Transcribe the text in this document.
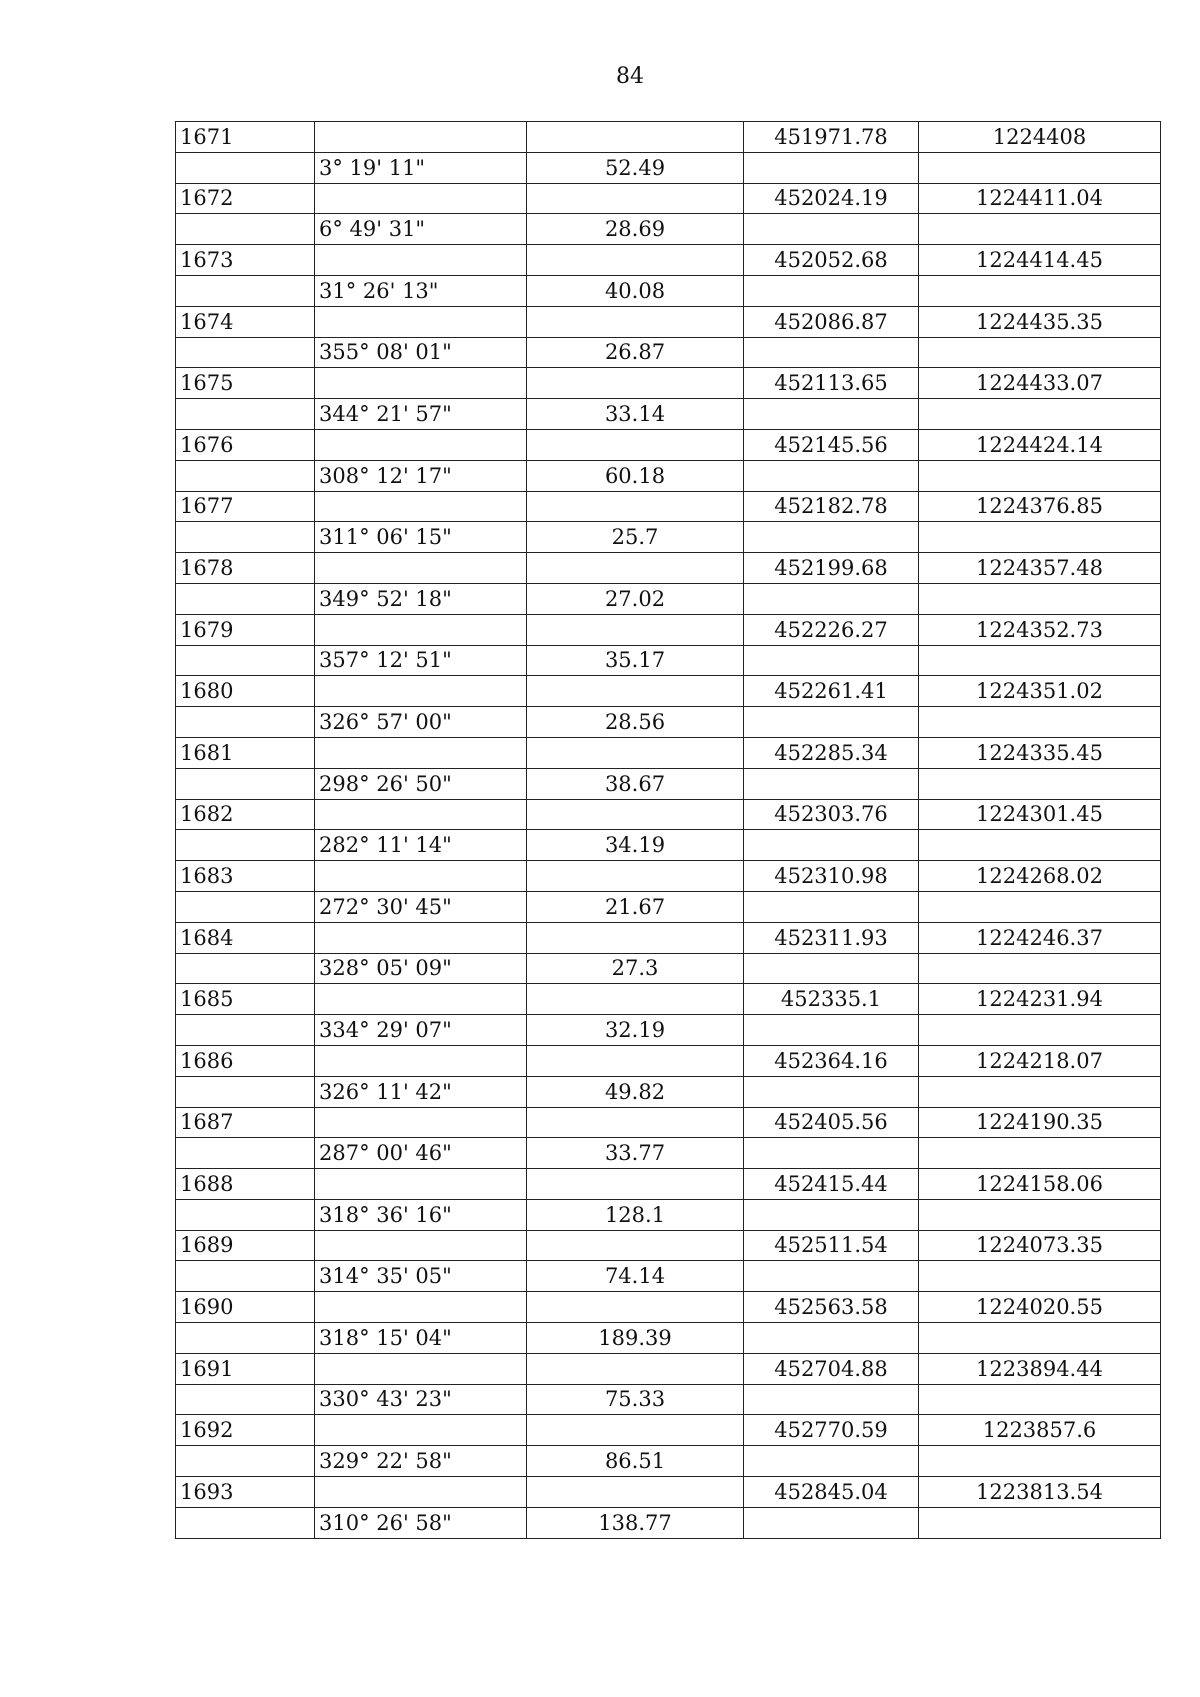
84
1671			451971.78	1224408
	3° 19' 11"	52.49		
1672			452024.19	1224411.04
	6° 49' 31"	28.69		
1673			452052.68	1224414.45
	31° 26' 13"	40.08		
1674			452086.87	1224435.35
	355° 08' 01"	26.87		
1675			452113.65	1224433.07
	344° 21' 57"	33.14		
1676			452145.56	1224424.14
	308° 12' 17"	60.18		
1677			452182.78	1224376.85
	311° 06' 15"	25.7		
1678			452199.68	1224357.48
	349° 52' 18"	27.02		
1679			452226.27	1224352.73
	357° 12' 51"	35.17		
1680			452261.41	1224351.02
	326° 57' 00"	28.56		
1681			452285.34	1224335.45
	298° 26' 50"	38.67		
1682			452303.76	1224301.45
	282° 11' 14"	34.19		
1683			452310.98	1224268.02
	272° 30' 45"	21.67		
1684			452311.93	1224246.37
	328° 05' 09"	27.3		
1685			452335.1	1224231.94
	334° 29' 07"	32.19		
1686			452364.16	1224218.07
	326° 11' 42"	49.82		
1687			452405.56	1224190.35
	287° 00' 46"	33.77		
1688			452415.44	1224158.06
	318° 36' 16"	128.1		
1689			452511.54	1224073.35
	314° 35' 05"	74.14		
1690			452563.58	1224020.55
	318° 15' 04"	189.39		
1691			452704.88	1223894.44
	330° 43' 23"	75.33		
1692			452770.59	1223857.6
	329° 22' 58"	86.51		
1693			452845.04	1223813.54
	310° 26' 58"	138.77		
